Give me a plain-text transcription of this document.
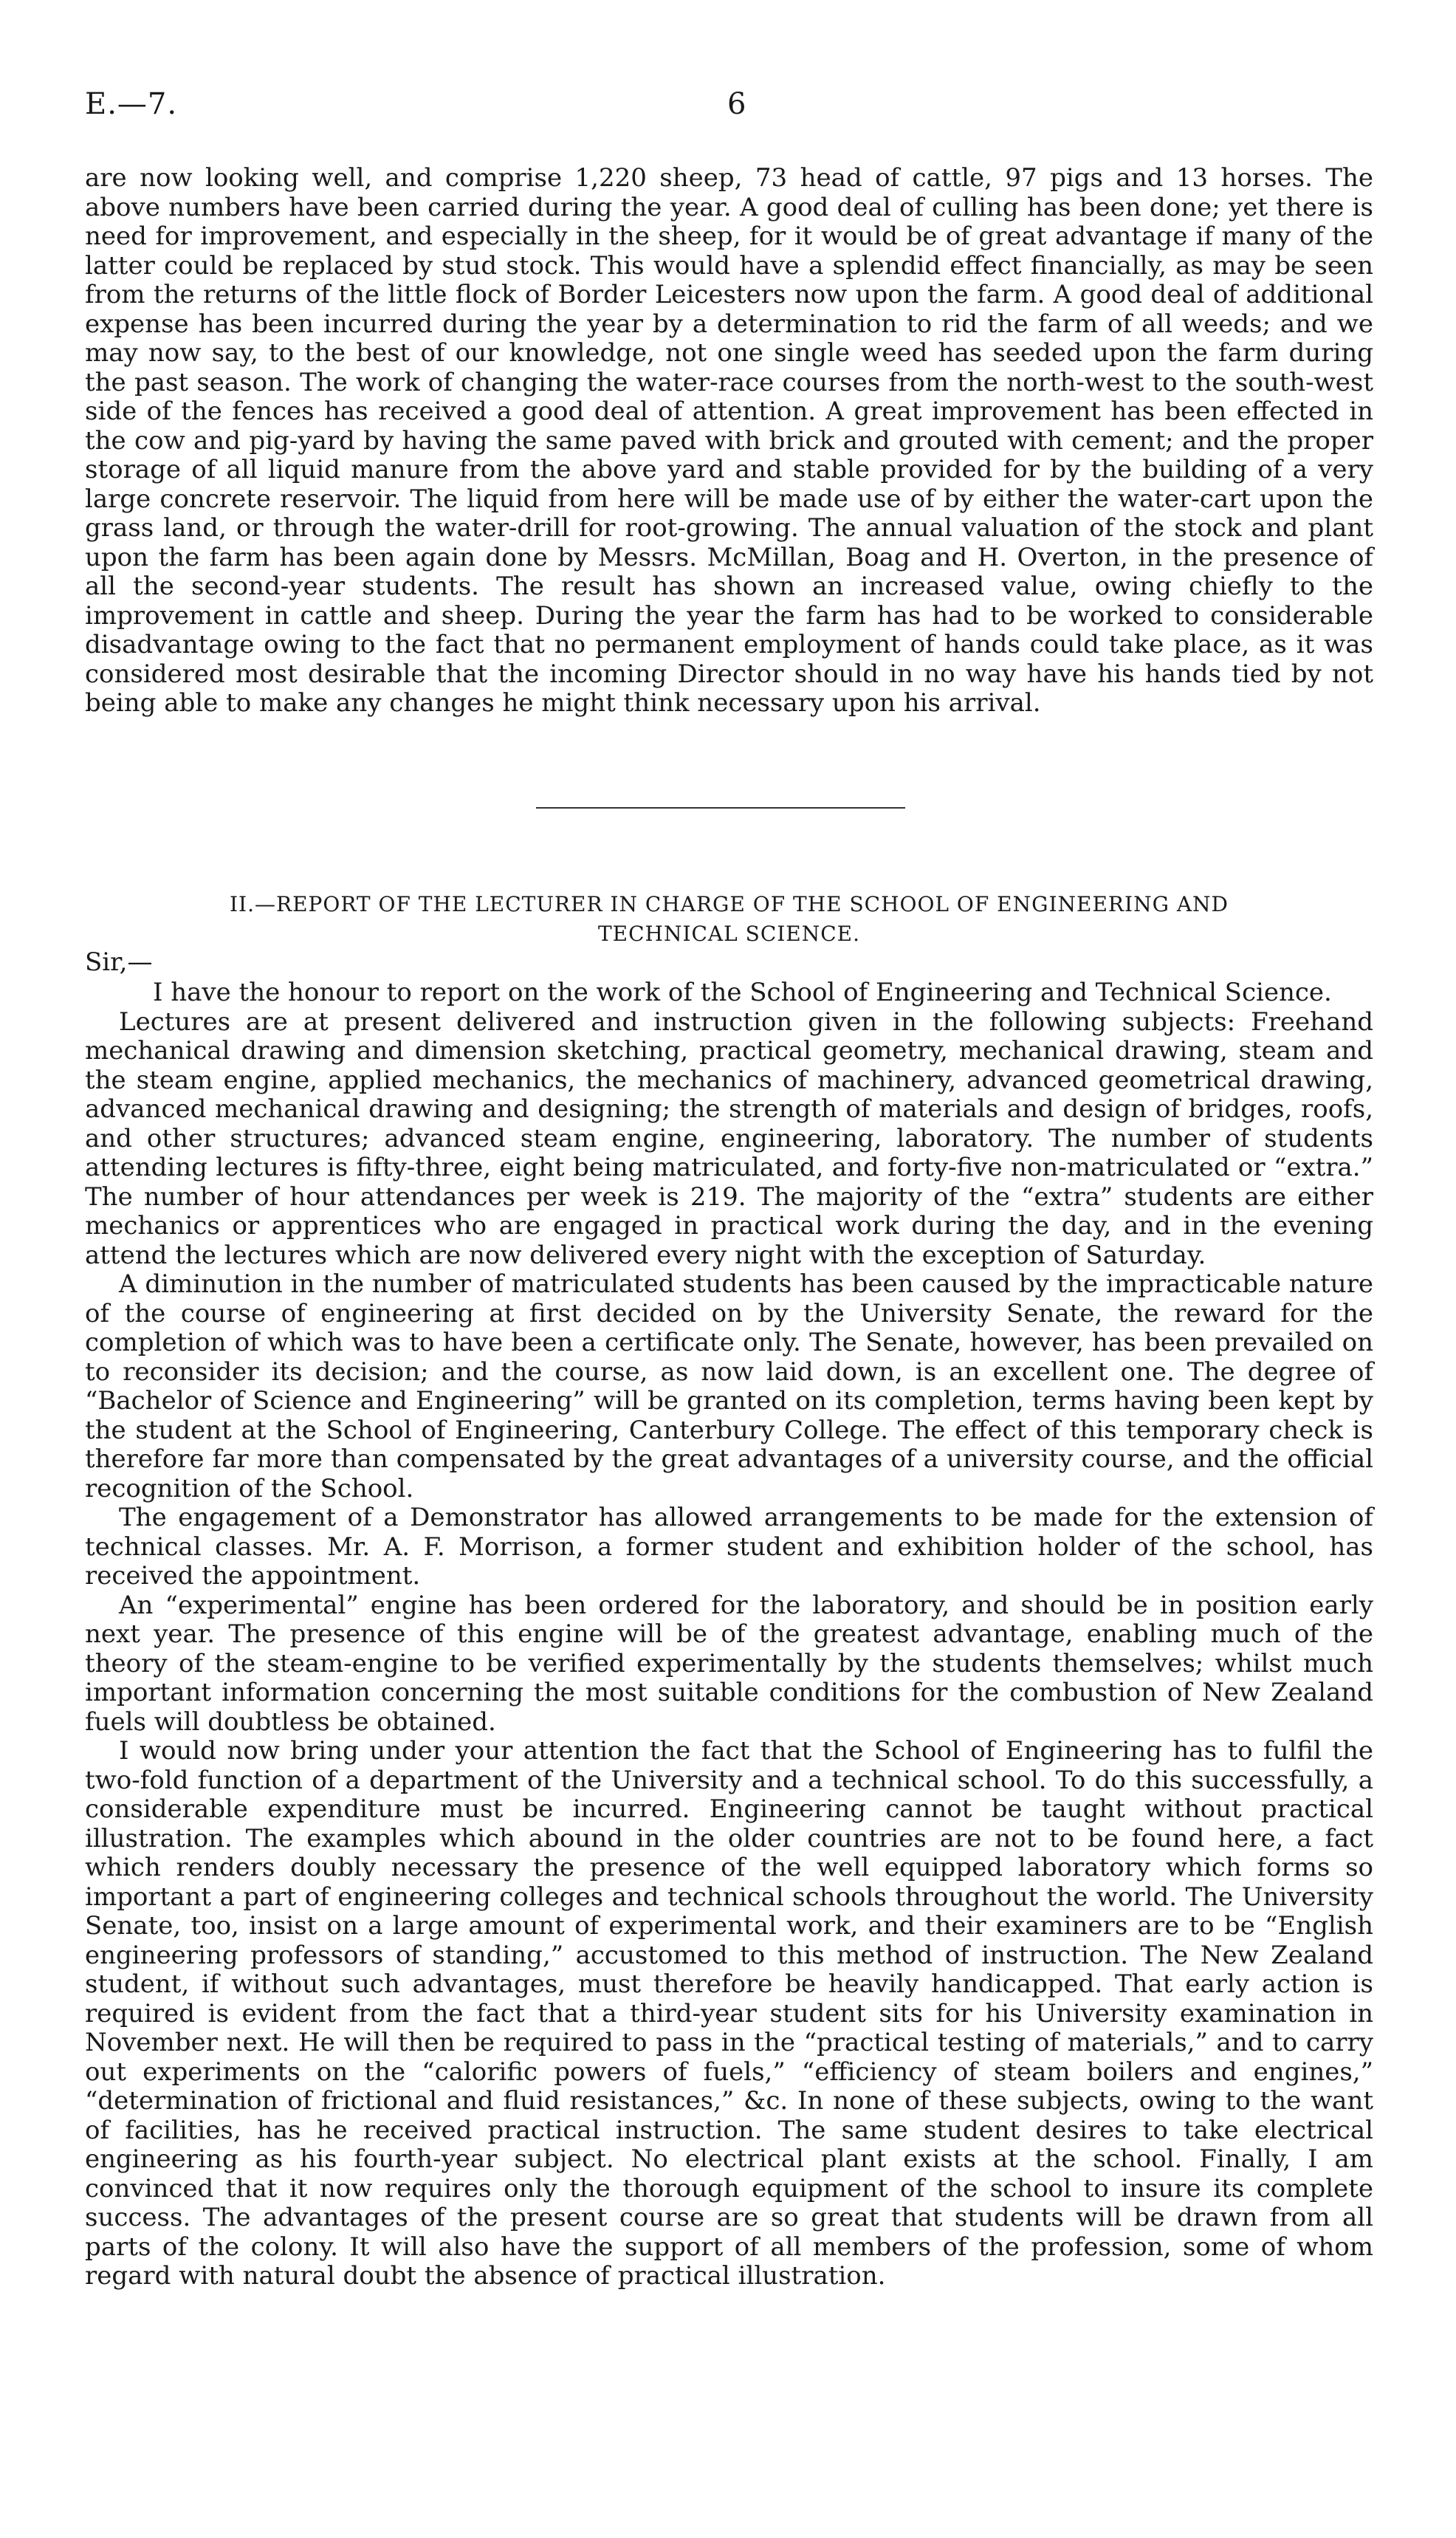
E.—7.	6

are now looking well, and comprise 1,220 sheep, 73 head of cattle, 97 pigs and 13 horses. The above numbers have been carried during the year. A good deal of culling has been done; yet there is need for improvement, and especially in the sheep, for it would be of great advantage if many of the latter could be replaced by stud stock. This would have a splendid effect financially, as may be seen from the returns of the little flock of Border Leicesters now upon the farm. A good deal of additional expense has been incurred during the year by a determination to rid the farm of all weeds; and we may now say, to the best of our knowledge, not one single weed has seeded upon the farm during the past season. The work of changing the water-race courses from the north-west to the south-west side of the fences has received a good deal of attention. A great improvement has been effected in the cow and pig-yard by having the same paved with brick and grouted with cement; and the proper storage of all liquid manure from the above yard and stable provided for by the building of a very large concrete reservoir. The liquid from here will be made use of by either the water-cart upon the grass land, or through the water-drill for root-growing. The annual valuation of the stock and plant upon the farm has been again done by Messrs. McMillan, Boag and H. Overton, in the presence of all the second-year students. The result has shown an increased value, owing chiefly to the improvement in cattle and sheep. During the year the farm has had to be worked to considerable disadvantage owing to the fact that no permanent employment of hands could take place, as it was considered most desirable that the incoming Director should in no way have his hands tied by not being able to make any changes he might think necessary upon his arrival.

II.—REPORT OF THE LECTURER IN CHARGE OF THE SCHOOL OF ENGINEERING AND
TECHNICAL SCIENCE.
Sir,—

I have the honour to report on the work of the School of Engineering and Technical Science.

Lectures are at present delivered and instruction given in the following subjects: Freehand mechanical drawing and dimension sketching, practical geometry, mechanical drawing, steam and the steam engine, applied mechanics, the mechanics of machinery, advanced geometrical drawing, advanced mechanical drawing and designing; the strength of materials and design of bridges, roofs, and other structures; advanced steam engine, engineering, laboratory. The number of students attending lectures is fifty-three, eight being matriculated, and forty-five non-matriculated or “extra.” The number of hour attendances per week is 219. The majority of the “extra” students are either mechanics or apprentices who are engaged in practical work during the day, and in the evening attend the lectures which are now delivered every night with the exception of Saturday.

A diminution in the number of matriculated students has been caused by the impracticable nature of the course of engineering at first decided on by the University Senate, the reward for the completion of which was to have been a certificate only. The Senate, however, has been prevailed on to reconsider its decision; and the course, as now laid down, is an excellent one. The degree of “Bachelor of Science and Engineering” will be granted on its completion, terms having been kept by the student at the School of Engineering, Canterbury College. The effect of this temporary check is therefore far more than compensated by the great advantages of a university course, and the official recognition of the School.

The engagement of a Demonstrator has allowed arrangements to be made for the extension of technical classes. Mr. A. F. Morrison, a former student and exhibition holder of the school, has received the appointment.

An “experimental” engine has been ordered for the laboratory, and should be in position early next year. The presence of this engine will be of the greatest advantage, enabling much of the theory of the steam-engine to be verified experimentally by the students themselves; whilst much important information concerning the most suitable conditions for the combustion of New Zealand fuels will doubtless be obtained.

I would now bring under your attention the fact that the School of Engineering has to fulfil the two-fold function of a department of the University and a technical school. To do this successfully, a considerable expenditure must be incurred. Engineering cannot be taught without practical illustration. The examples which abound in the older countries are not to be found here, a fact which renders doubly necessary the presence of the well equipped laboratory which forms so important a part of engineering colleges and technical schools throughout the world. The University Senate, too, insist on a large amount of experimental work, and their examiners are to be “English engineering professors of standing,” accustomed to this method of instruction. The New Zealand student, if without such advantages, must therefore be heavily handicapped. That early action is required is evident from the fact that a third-year student sits for his University examination in November next. He will then be required to pass in the “practical testing of materials,” and to carry out experiments on the “calorific powers of fuels,” “efficiency of steam boilers and engines,” “determination of frictional and fluid resistances,” &c. In none of these subjects, owing to the want of facilities, has he received practical instruction. The same student desires to take electrical engineering as his fourth-year subject. No electrical plant exists at the school. Finally, I am convinced that it now requires only the thorough equipment of the school to insure its complete success. The advantages of the present course are so great that students will be drawn from all parts of the colony. It will also have the support of all members of the profession, some of whom regard with natural doubt the absence of practical illustration.
